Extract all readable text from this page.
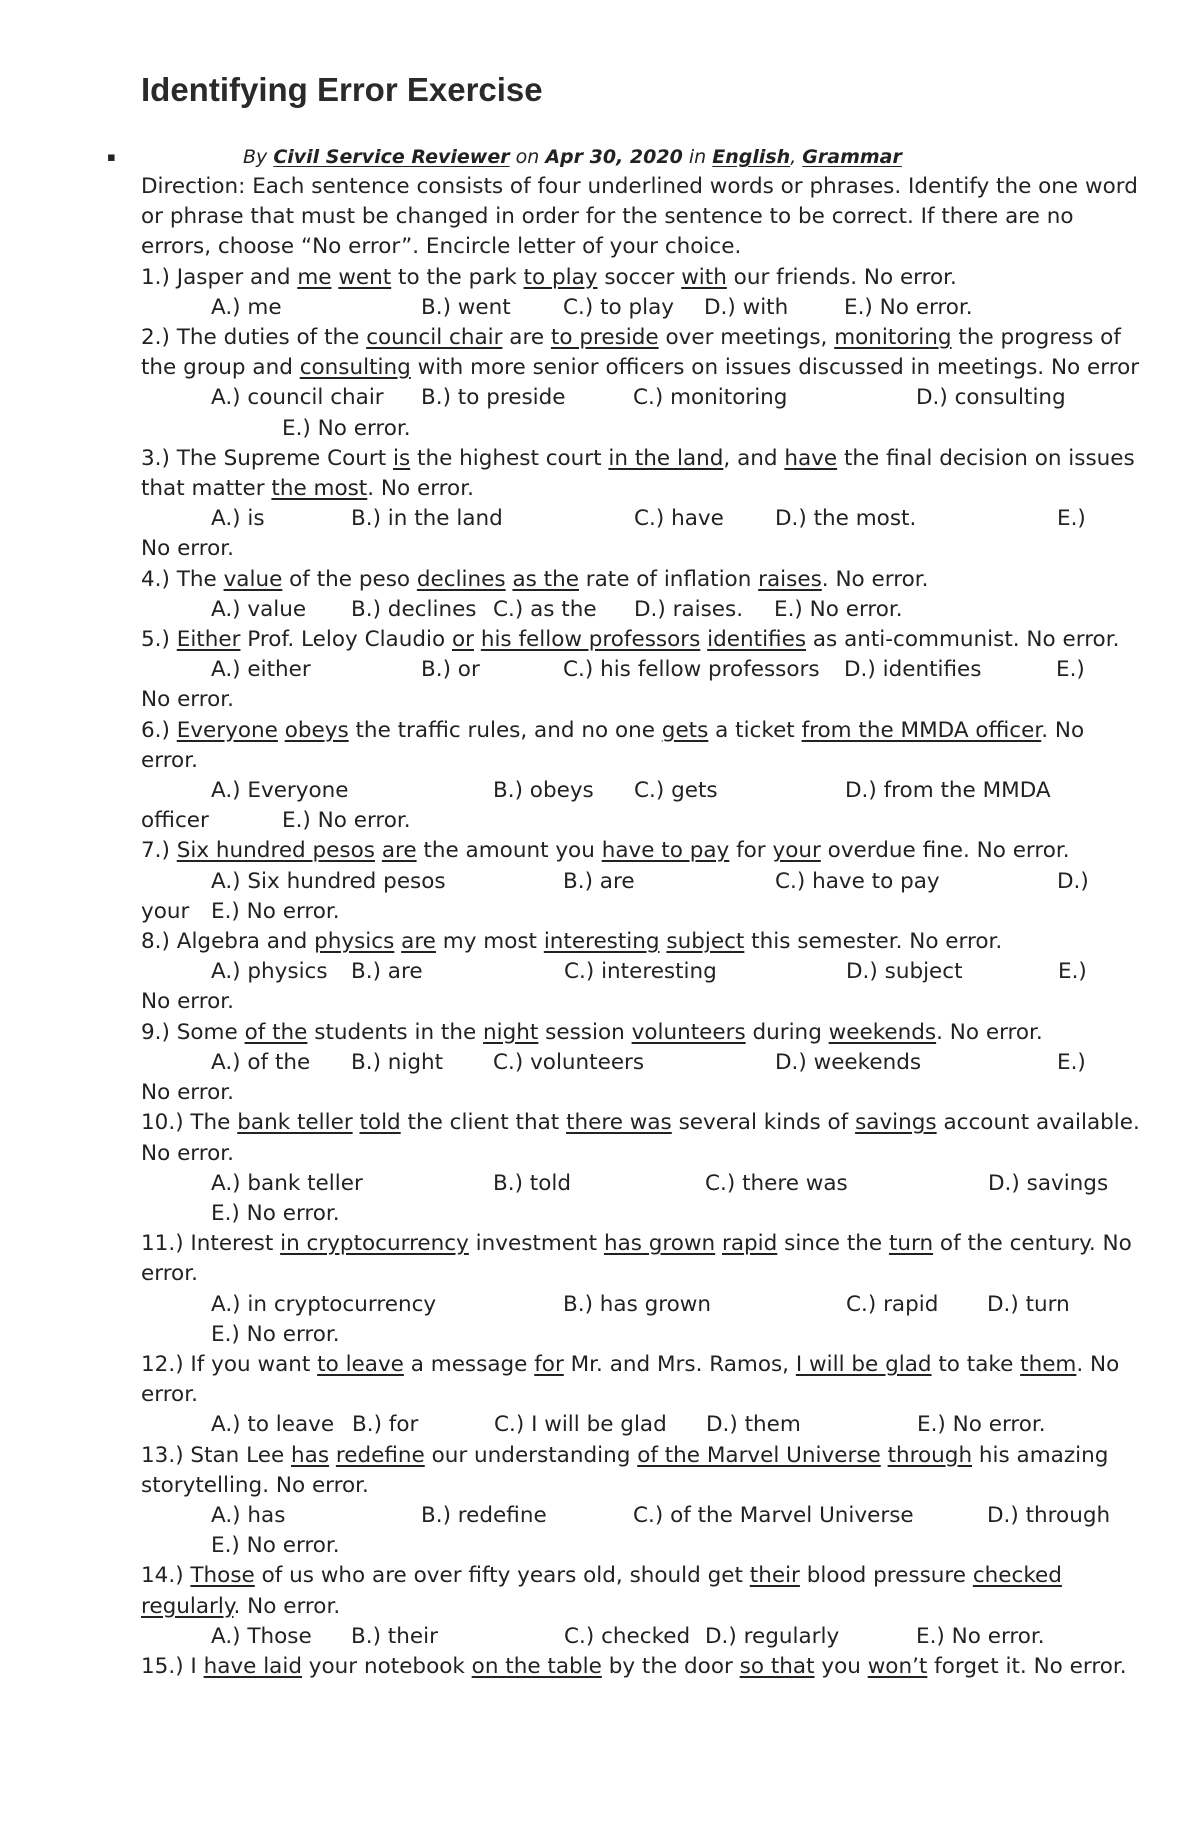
Identifying Error Exercise
▪	By Civil Service Reviewer on Apr 30, 2020 in English, Grammar

Direction: Each sentence consists of four underlined words or phrases. Identify the one word or phrase that must be changed in order for the sentence to be correct. If there are no errors, choose “No error”. Encircle letter of your choice.

1.) Jasper and me went to the park to play soccer with our friends. No error.

A.) me	B.) went C.) to play D.) with	E.) No error.

2.) The duties of the council chair are to preside over meetings, monitoring the progress of the group and consulting with more senior officers on issues discussed in meetings. No error

A.) council chair B.) to preside	C.) monitoring	D.) consulting
E.) No error.

3.) The Supreme Court is the highest court in the land, and have the final decision on issues that matter the most. No error.

A.) is	B.) in the land	C.) have D.) the most.	E.)
No error.

4.) The value of the peso declines as the rate of inflation raises. No error.

A.) value B.) declines C.) as the D.) raises. E.) No error.

5.) Either Prof. Leloy Claudio or his fellow professors identifies as anti-communist. No error.

A.) either	B.) or	C.) his fellow professors D.) identifies	E.)
No error.

6.) Everyone obeys the traffic rules, and no one gets a ticket from the MMDA officer. No error.

A.) Everyone	B.) obeys C.) gets	D.) from the MMDA
officer	E.) No error.

7.) Six hundred pesos are the amount you have to pay for your overdue fine. No error.

A.) Six hundred pesos	B.) are	C.) have to pay	D.)
your E.) No error.

8.) Algebra and physics are my most interesting subject this semester. No error.

A.) physics B.) are	C.) interesting	D.) subject	E.)
No error.

9.) Some of the students in the night session volunteers during weekends. No error.

A.) of the B.) night C.) volunteers	D.) weekends	E.)
No error.

10.) The bank teller told the client that there was several kinds of savings account available. No error.

A.) bank teller	B.) told	C.) there was	D.) savings
E.) No error.

11.) Interest in cryptocurrency investment has grown rapid since the turn of the century. No error.

A.) in cryptocurrency	B.) has grown	C.) rapid D.) turn
E.) No error.

12.) If you want to leave a message for Mr. and Mrs. Ramos, I will be glad to take them. No error.

A.) to leave B.) for	C.) I will be glad D.) them	E.) No error.

13.) Stan Lee has redefine our understanding of the Marvel Universe through his amazing storytelling. No error.

A.) has	B.) redefine	C.) of the Marvel Universe	D.) through
E.) No error.

14.) Those of us who are over fifty years old, should get their blood pressure checked regularly. No error.

A.) Those B.) their	C.) checked D.) regularly	E.) No error.

15.) I have laid your notebook on the table by the door so that you won’t forget it. No error.
